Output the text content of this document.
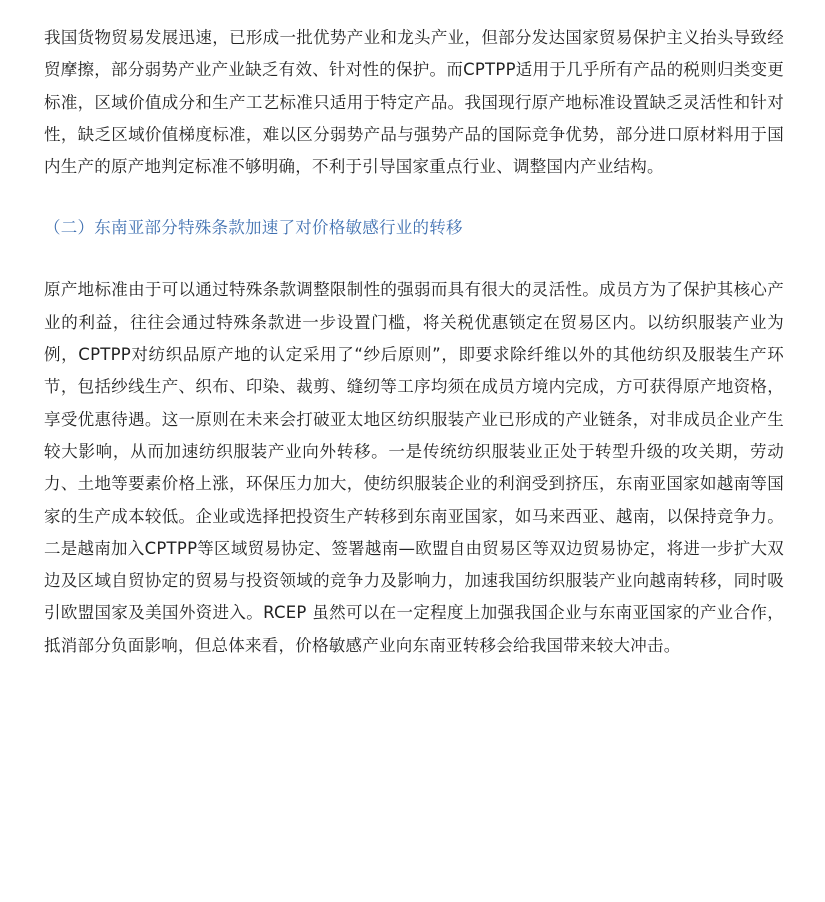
我国货物贸易发展迅速，已形成一批优势产业和龙头产业，但部分发达国家贸易保护主义抬头导致经贸摩擦，部分弱势产业产业缺乏有效、针对性的保护。而CPTPP适用于几乎所有产品的税则归类变更标准，区域价值成分和生产工艺标准只适用于特定产品。我国现行原产地标准设置缺乏灵活性和针对性，缺乏区域价值梯度标准，难以区分弱势产品与强势产品的国际竞争优势，部分进口原材料用于国内生产的原产地判定标准不够明确，不利于引导国家重点行业、调整国内产业结构。

（二）东南亚部分特殊条款加速了对价格敏感行业的转移

原产地标准由于可以通过特殊条款调整限制性的强弱而具有很大的灵活性。成员方为了保护其核心产业的利益，往往会通过特殊条款进一步设置门槛，将关税优惠锁定在贸易区内。以纺织服装产业为例，CPTPP对纺织品原产地的认定采用了“纱后原则”，即要求除纤维以外的其他纺织及服装生产环节，包括纱线生产、织布、印染、裁剪、缝纫等工序均须在成员方境内完成，方可获得原产地资格，享受优惠待遇。这一原则在未来会打破亚太地区纺织服装产业已形成的产业链条，对非成员企业产生较大影响，从而加速纺织服装产业向外转移。一是传统纺织服装业正处于转型升级的攻关期，劳动力、土地等要素价格上涨，环保压力加大，使纺织服装企业的利润受到挤压，东南亚国家如越南等国家的生产成本较低。企业或选择把投资生产转移到东南亚国家，如马来西亚、越南，以保持竞争力。二是越南加入CPTPP等区域贸易协定、签署越南—欧盟自由贸易区等双边贸易协定，将进一步扩大双边及区域自贸协定的贸易与投资领域的竞争力及影响力，加速我国纺织服装产业向越南转移，同时吸引欧盟国家及美国外资进入。RCEP 虽然可以在一定程度上加强我国企业与东南亚国家的产业合作，抵消部分负面影响，但总体来看，价格敏感产业向东南亚转移会给我国带来较大冲击。
